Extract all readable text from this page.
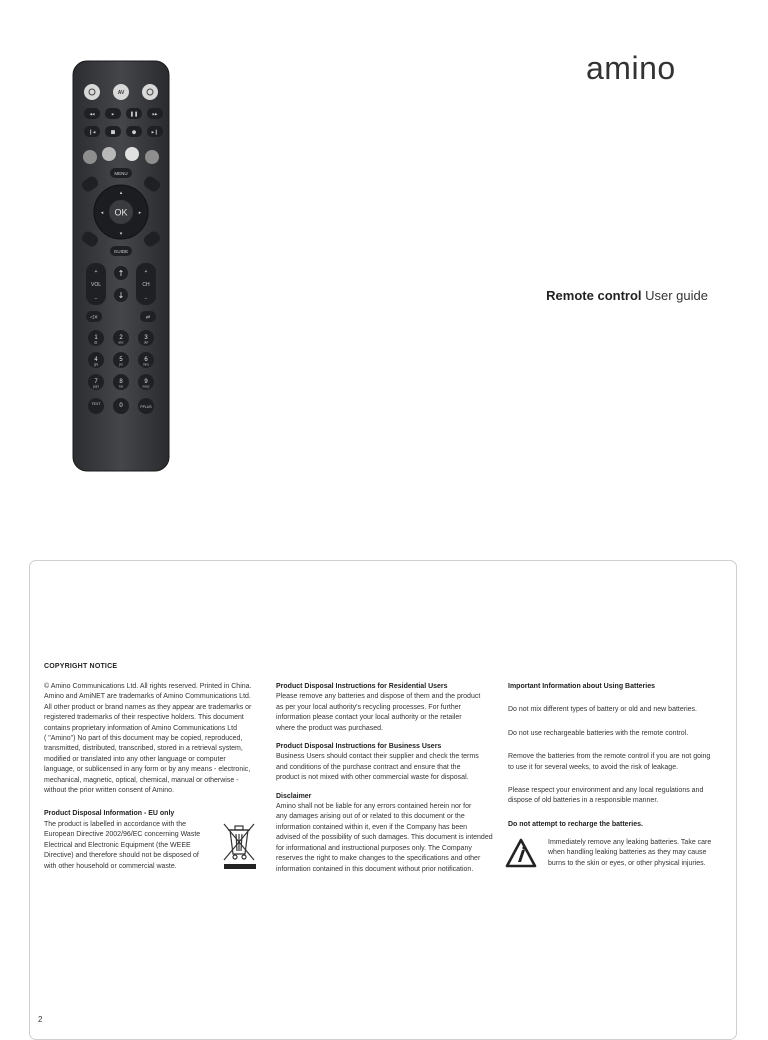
amino
Remote control User guide
AV
◂◂	▸	❚❚	▸▸
❙◂	■	●	▸❙
MENU
OK
▴
▾
◂	▸
GUIDE
+
VOL
−
+
CH
−
↑
↓
◁×	⇄
1
@.
2
abc
3
def
4
ghi
5
jkl
6
mno
7
pqrs
8
tuv
9
wxyz
0
TEXT
PPLUS
COPYRIGHT NOTICE
© Amino Communications Ltd. All rights reserved. Printed in China.
Amino and AmiNET are trademarks of Amino Communications Ltd.
All other product or brand names as they appear are trademarks or
registered trademarks of their respective holders. This document
contains proprietary information of Amino Communications Ltd
( "Amino") No part of this document may be copied, reproduced,
transmitted, distributed, transcribed, stored in a retrieval system,
modified or translated into any other language or computer
language, or sublicensed in any form or by any means - electronic,
mechanical, magnetic, optical, chemical, manual or otherwise -
without the prior written consent of Amino.
Product Disposal Information - EU only
The product is labelled in accordance with the
European Directive 2002/96/EC concerning Waste
Electrical and Electronic Equipment (the WEEE
Directive) and therefore should not be disposed of
with other household or commercial waste.
Product Disposal Instructions for Residential Users
Please remove any batteries and dispose of them and the product
as per your local authority's recycling processes. For further
information please contact your local authority or the retailer
where the product was purchased.
Product Disposal Instructions for Business Users
Business Users should contact their supplier and check the terms
and conditions of the purchase contract and ensure that the
product is not mixed with other commercial waste for disposal.
Disclaimer
Amino shall not be liable for any errors contained herein nor for
any damages arising out of or related to this document or the
information contained within it, even if the Company has been
advised of the possibility of such damages. This document is intended
for informational and instructional purposes only. The Company
reserves the right to make changes to the specifications and other
information contained in this document without prior notification.
Important Information about Using Batteries

Do not mix different types of battery or old and new batteries.

Do not use rechargeable batteries with the remote control.

Remove the batteries from the remote control if you are not going
to use it for several weeks, to avoid the risk of leakage.
Please respect your environment and any local regulations and
dispose of old batteries in a responsible manner.
Do not attempt to recharge the batteries.
Immediately remove any leaking batteries. Take care
when handling leaking batteries as they may cause
burns to the skin or eyes, or other physical injuries.
2
